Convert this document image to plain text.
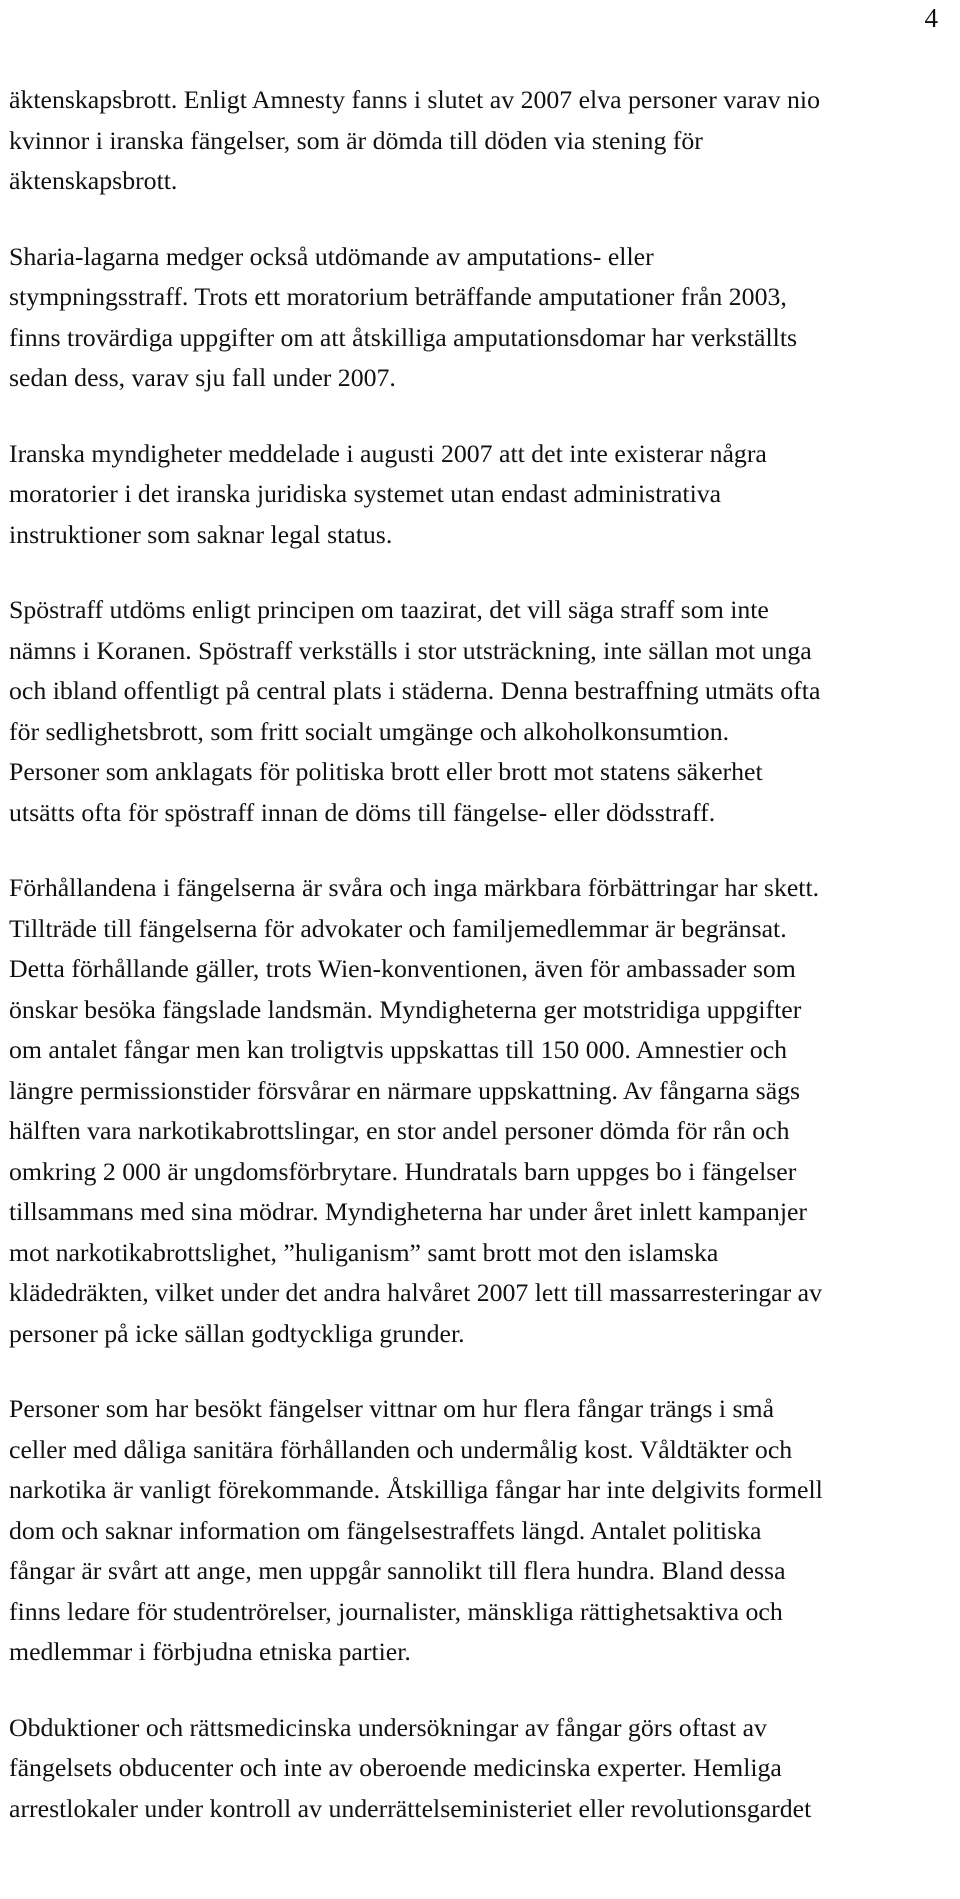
4

äktenskapsbrott. Enligt Amnesty fanns i slutet av 2007 elva personer varav nio
kvinnor i iranska fängelser, som är dömda till döden via stening för
äktenskapsbrott.

Sharia-lagarna medger också utdömande av amputations- eller
stympningsstraff. Trots ett moratorium beträffande amputationer från 2003,
finns trovärdiga uppgifter om att åtskilliga amputationsdomar har verkställts
sedan dess, varav sju fall under 2007.

Iranska myndigheter meddelade i augusti 2007 att det inte existerar några
moratorier i det iranska juridiska systemet utan endast administrativa
instruktioner som saknar legal status.

Spöstraff utdöms enligt principen om taazirat, det vill säga straff som inte
nämns i Koranen. Spöstraff verkställs i stor utsträckning, inte sällan mot unga
och ibland offentligt på central plats i städerna. Denna bestraffning utmäts ofta
för sedlighetsbrott, som fritt socialt umgänge och alkoholkonsumtion.
Personer som anklagats för politiska brott eller brott mot statens säkerhet
utsätts ofta för spöstraff innan de döms till fängelse- eller dödsstraff.

Förhållandena i fängelserna är svåra och inga märkbara förbättringar har skett.
Tillträde till fängelserna för advokater och familjemedlemmar är begränsat.
Detta förhållande gäller, trots Wien-konventionen, även för ambassader som
önskar besöka fängslade landsmän. Myndigheterna ger motstridiga uppgifter
om antalet fångar men kan troligtvis uppskattas till 150 000. Amnestier och
längre permissionstider försvårar en närmare uppskattning. Av fångarna sägs
hälften vara narkotikabrottslingar, en stor andel personer dömda för rån och
omkring 2 000 är ungdomsförbrytare. Hundratals barn uppges bo i fängelser
tillsammans med sina mödrar. Myndigheterna har under året inlett kampanjer
mot narkotikabrottslighet, ”huliganism” samt brott mot den islamska
klädedräkten, vilket under det andra halvåret 2007 lett till massarresteringar av
personer på icke sällan godtyckliga grunder.

Personer som har besökt fängelser vittnar om hur flera fångar trängs i små
celler med dåliga sanitära förhållanden och undermålig kost. Våldtäkter och
narkotika är vanligt förekommande. Åtskilliga fångar har inte delgivits formell
dom och saknar information om fängelsestraffets längd. Antalet politiska
fångar är svårt att ange, men uppgår sannolikt till flera hundra. Bland dessa
finns ledare för studentrörelser, journalister, mänskliga rättighetsaktiva och
medlemmar i förbjudna etniska partier.

Obduktioner och rättsmedicinska undersökningar av fångar görs oftast av
fängelsets obducenter och inte av oberoende medicinska experter. Hemliga
arrestlokaler under kontroll av underrättelseministeriet eller revolutionsgardet
